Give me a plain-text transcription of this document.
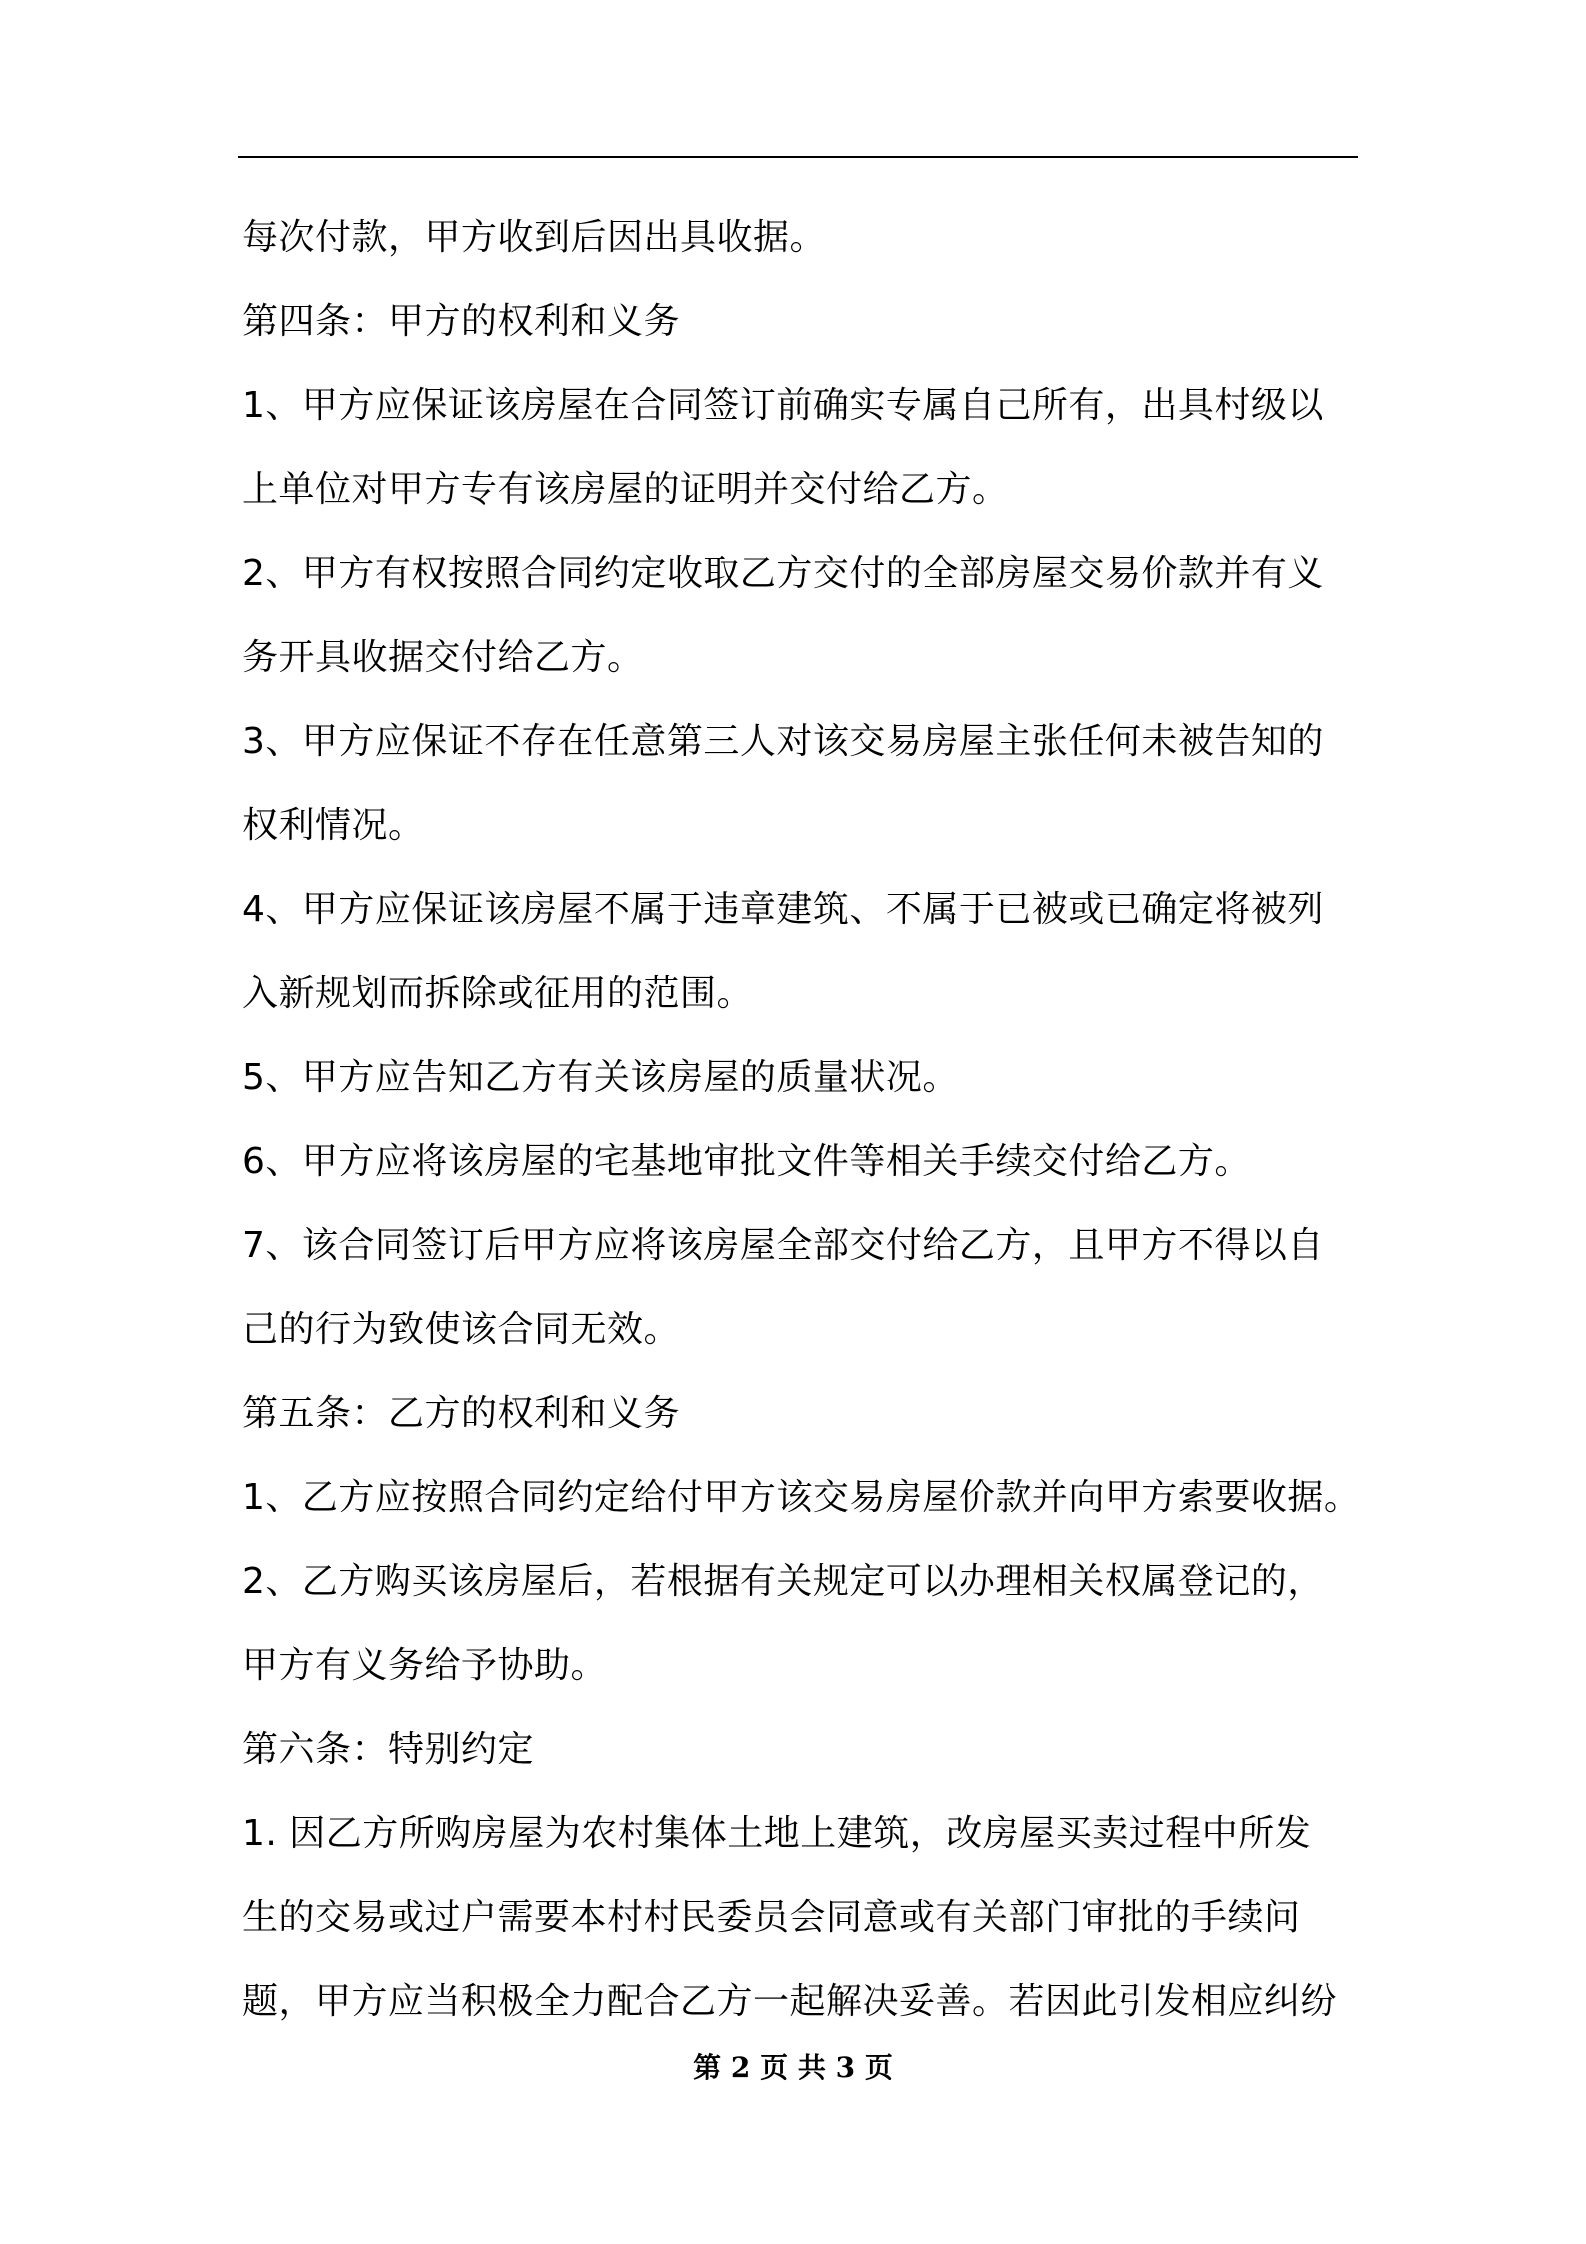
每次付款，甲方收到后因出具收据。
第四条：甲方的权利和义务
1、甲方应保证该房屋在合同签订前确实专属自己所有，出具村级以
上单位对甲方专有该房屋的证明并交付给乙方。
2、甲方有权按照合同约定收取乙方交付的全部房屋交易价款并有义
务开具收据交付给乙方。
3、甲方应保证不存在任意第三人对该交易房屋主张任何未被告知的
权利情况。
4、甲方应保证该房屋不属于违章建筑、不属于已被或已确定将被列
入新规划而拆除或征用的范围。
5、甲方应告知乙方有关该房屋的质量状况。
6、甲方应将该房屋的宅基地审批文件等相关手续交付给乙方。
7、该合同签订后甲方应将该房屋全部交付给乙方，且甲方不得以自
己的行为致使该合同无效。
第五条：乙方的权利和义务
1、乙方应按照合同约定给付甲方该交易房屋价款并向甲方索要收据。
2、乙方购买该房屋后，若根据有关规定可以办理相关权属登记的，
甲方有义务给予协助。
第六条：特别约定
1. 因乙方所购房屋为农村集体土地上建筑，改房屋买卖过程中所发
生的交易或过户需要本村村民委员会同意或有关部门审批的手续问
题，甲方应当积极全力配合乙方一起解决妥善。若因此引发相应纠纷
第 2 页 共 3 页
